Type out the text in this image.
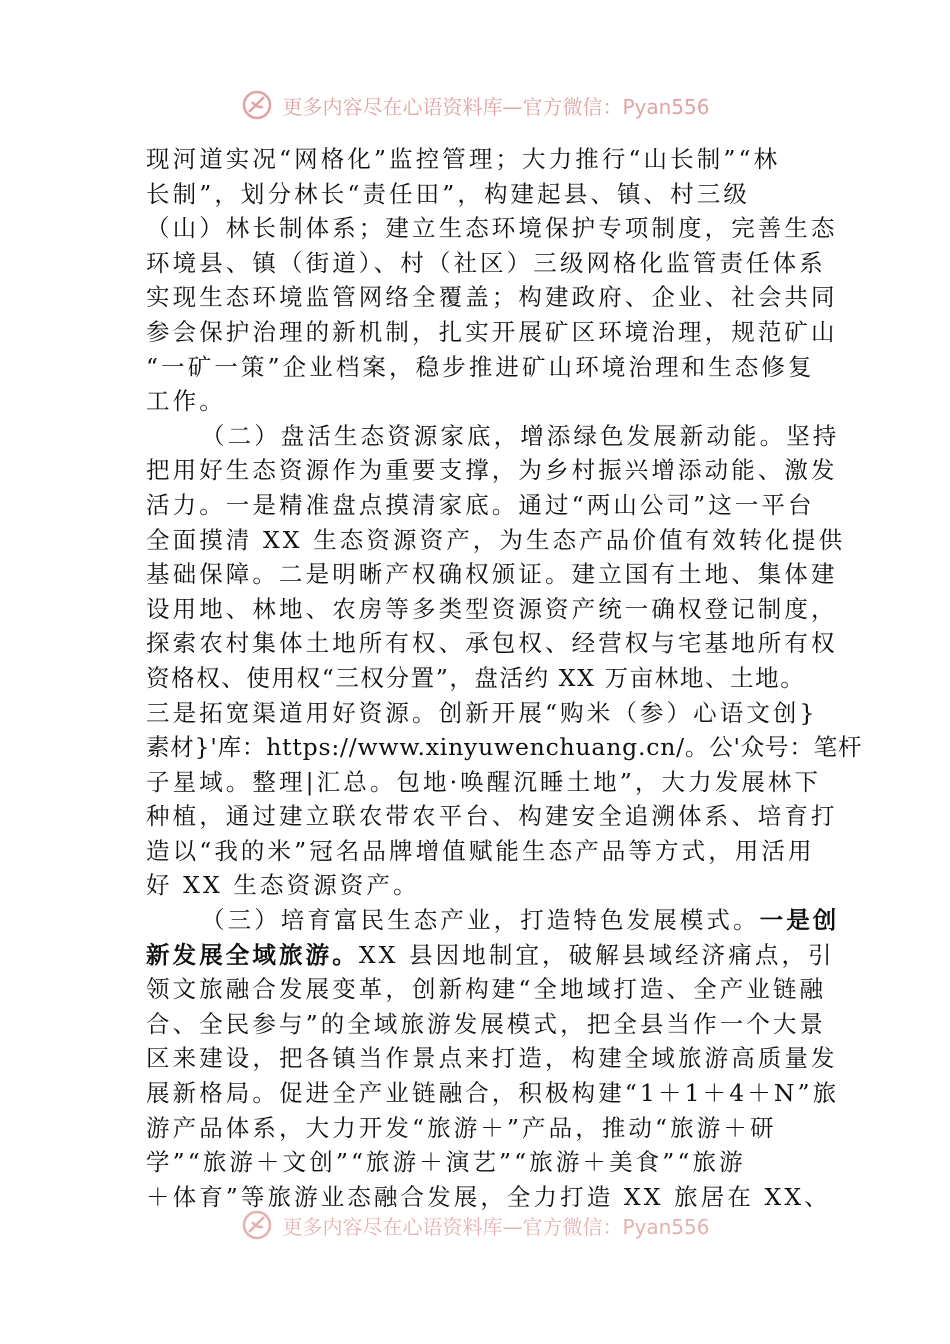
更多内容尽在心语资料库—官方微信：Pyan556

现河道实况“网格化”监控管理；大力推行“山长制”“林
长制”，划分林长“责任田”，构建起县、镇、村三级
（山）林长制体系；建立生态环境保护专项制度，完善生态
环境县、镇（街道）、村（社区）三级网格化监管责任体系
实现生态环境监管网络全覆盖；构建政府、企业、社会共同
参会保护治理的新机制，扎实开展矿区环境治理，规范矿山
“一矿一策”企业档案，稳步推进矿山环境治理和生态修复
工作。

（二）盘活生态资源家底，增添绿色发展新动能。坚持
把用好生态资源作为重要支撑，为乡村振兴增添动能、激发
活力。一是精准盘点摸清家底。通过“两山公司”这一平台
全面摸清 XX 生态资源资产，为生态产品价值有效转化提供
基础保障。二是明晰产权确权颁证。建立国有土地、集体建
设用地、林地、农房等多类型资源资产统一确权登记制度，
探索农村集体土地所有权、承包权、经营权与宅基地所有权
资格权、使用权“三权分置”，盘活约 XX 万亩林地、土地。
三是拓宽渠道用好资源。创新开展“购米（参）心语文创}
素材}'库：https://www.xinyuwenchuang.cn/。公'众号：笔杆
子星域。整理|汇总。包地·唤醒沉睡土地”，大力发展林下
种植，通过建立联农带农平台、构建安全追溯体系、培育打
造以“我的米”冠名品牌增值赋能生态产品等方式，用活用
好 XX 生态资源资产。

（三）培育富民生态产业，打造特色发展模式。一是创
新发展全域旅游。XX 县因地制宜，破解县域经济痛点，引
领文旅融合发展变革，创新构建“全地域打造、全产业链融
合、全民参与”的全域旅游发展模式，把全县当作一个大景
区来建设，把各镇当作景点来打造，构建全域旅游高质量发
展新格局。促进全产业链融合，积极构建“1＋1＋4＋N”旅
游产品体系，大力开发“旅游＋”产品，推动“旅游＋研
学”“旅游＋文创”“旅游＋演艺”“旅游＋美食”“旅游
＋体育”等旅游业态融合发展，全力打造 XX 旅居在 XX、

更多内容尽在心语资料库—官方微信：Pyan556
